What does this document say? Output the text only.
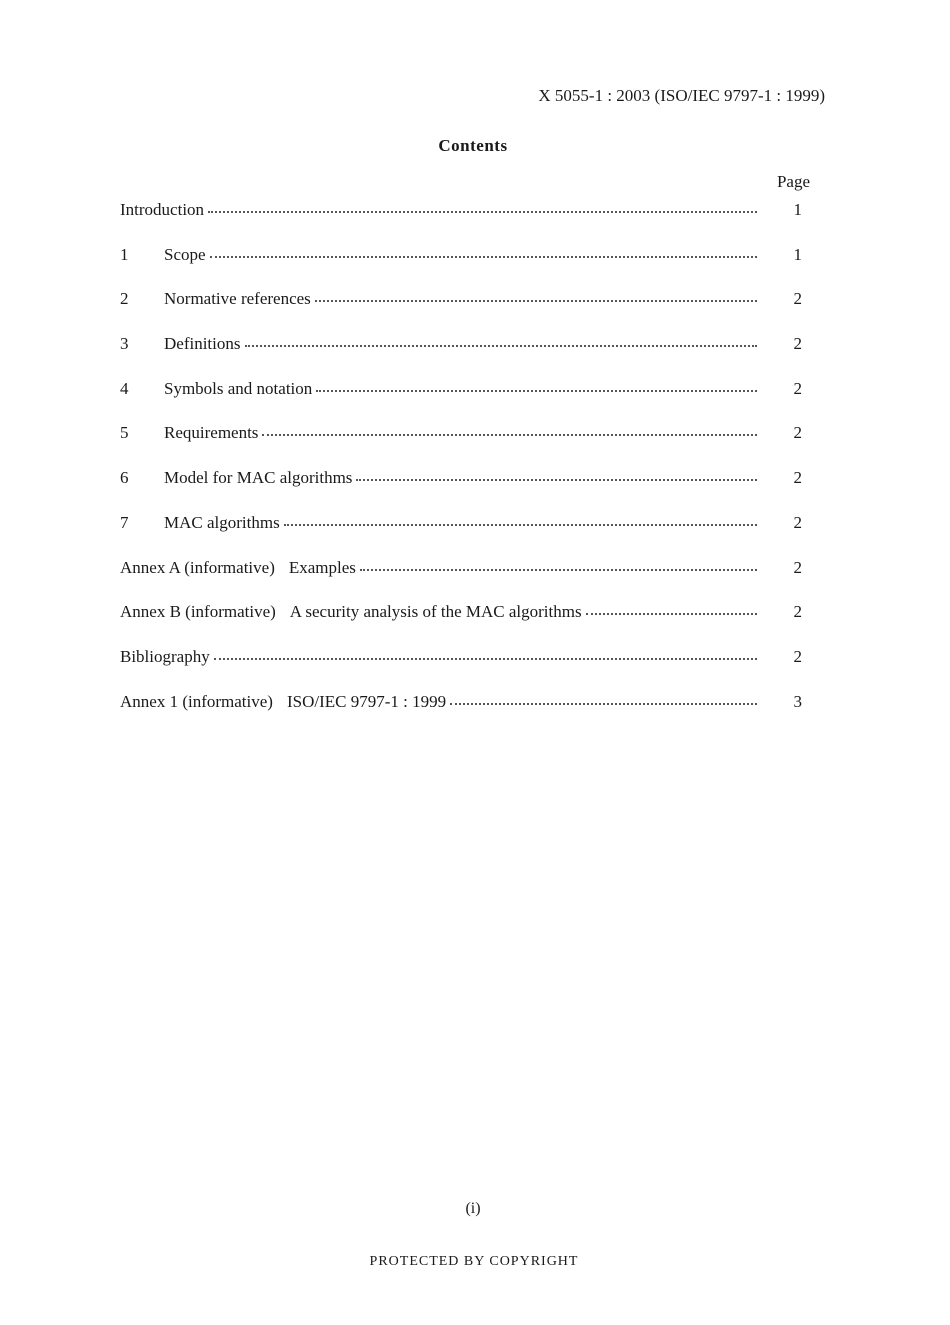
X 5055-1 : 2003 (ISO/IEC 9797-1 : 1999)
Contents
Page
Introduction	1
1	Scope	1
2	Normative references	2
3	Definitions	2
4	Symbols and notation	2
5	Requirements	2
6	Model for MAC algorithms	2
7	MAC algorithms	2
Annex A (informative) Examples	2
Annex B (informative) A security analysis of the MAC algorithms	2
Bibliography	2
Annex 1 (informative) ISO/IEC 9797-1 : 1999	3
(i)
PROTECTED BY COPYRIGHT
